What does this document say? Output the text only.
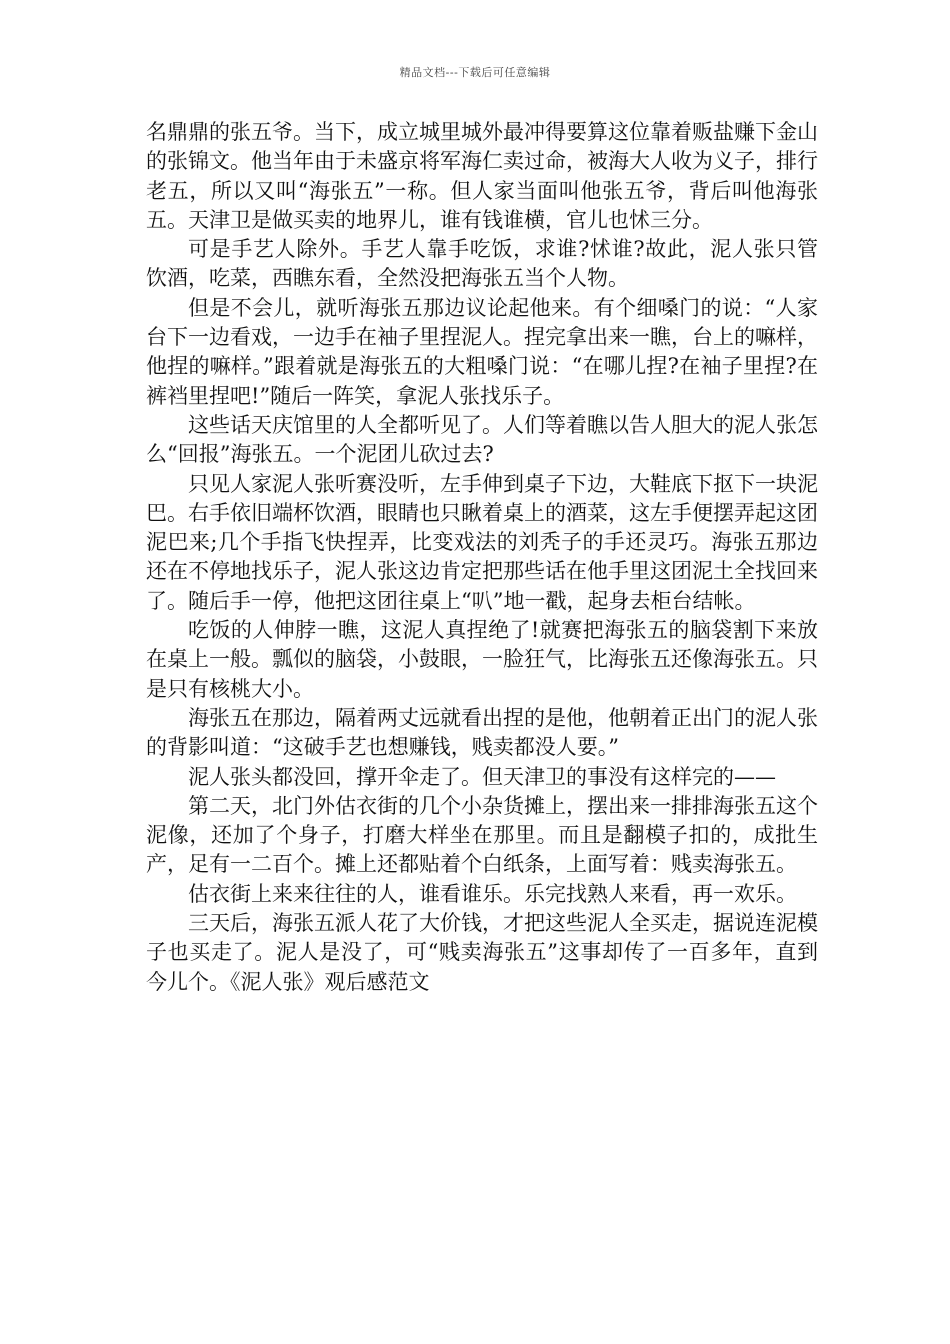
精品文档---下载后可任意编辑

名鼎鼎的张五爷。当下，成立城里城外最冲得要算这位靠着贩盐赚下金山的张锦文。他当年由于未盛京将军海仁卖过命，被海大人收为义子，排行老五，所以又叫“海张五”一称。但人家当面叫他张五爷，背后叫他海张五。天津卫是做买卖的地界儿，谁有钱谁横，官儿也怵三分。

可是手艺人除外。手艺人靠手吃饭，求谁?怵谁?故此，泥人张只管饮酒，吃菜，西瞧东看，全然没把海张五当个人物。

但是不会儿，就听海张五那边议论起他来。有个细嗓门的说：“人家台下一边看戏，一边手在袖子里捏泥人。捏完拿出来一瞧，台上的嘛样，他捏的嘛样。”跟着就是海张五的大粗嗓门说：“在哪儿捏?在袖子里捏?在裤裆里捏吧!”随后一阵笑，拿泥人张找乐子。

这些话天庆馆里的人全都听见了。人们等着瞧以告人胆大的泥人张怎么“回报”海张五。一个泥团儿砍过去?

只见人家泥人张听赛没听，左手伸到桌子下边，大鞋底下抠下一块泥巴。右手依旧端杯饮酒，眼睛也只瞅着桌上的酒菜，这左手便摆弄起这团泥巴来;几个手指飞快捏弄，比变戏法的刘秃子的手还灵巧。海张五那边还在不停地找乐子，泥人张这边肯定把那些话在他手里这团泥土全找回来了。随后手一停，他把这团往桌上“叭”地一戳，起身去柜台结帐。

吃饭的人伸脖一瞧，这泥人真捏绝了!就赛把海张五的脑袋割下来放在桌上一般。瓢似的脑袋，小鼓眼，一脸狂气，比海张五还像海张五。只是只有核桃大小。

海张五在那边，隔着两丈远就看出捏的是他，他朝着正出门的泥人张的背影叫道：“这破手艺也想赚钱，贱卖都没人要。”

泥人张头都没回，撑开伞走了。但天津卫的事没有这样完的——

第二天，北门外估衣街的几个小杂货摊上，摆出来一排排海张五这个泥像，还加了个身子，打磨大样坐在那里。而且是翻模子扣的，成批生产，足有一二百个。摊上还都贴着个白纸条，上面写着：贱卖海张五。

估衣街上来来往往的人，谁看谁乐。乐完找熟人来看，再一欢乐。

三天后，海张五派人花了大价钱，才把这些泥人全买走，据说连泥模子也买走了。泥人是没了，可“贱卖海张五”这事却传了一百多年，直到今儿个。《泥人张》观后感范文
